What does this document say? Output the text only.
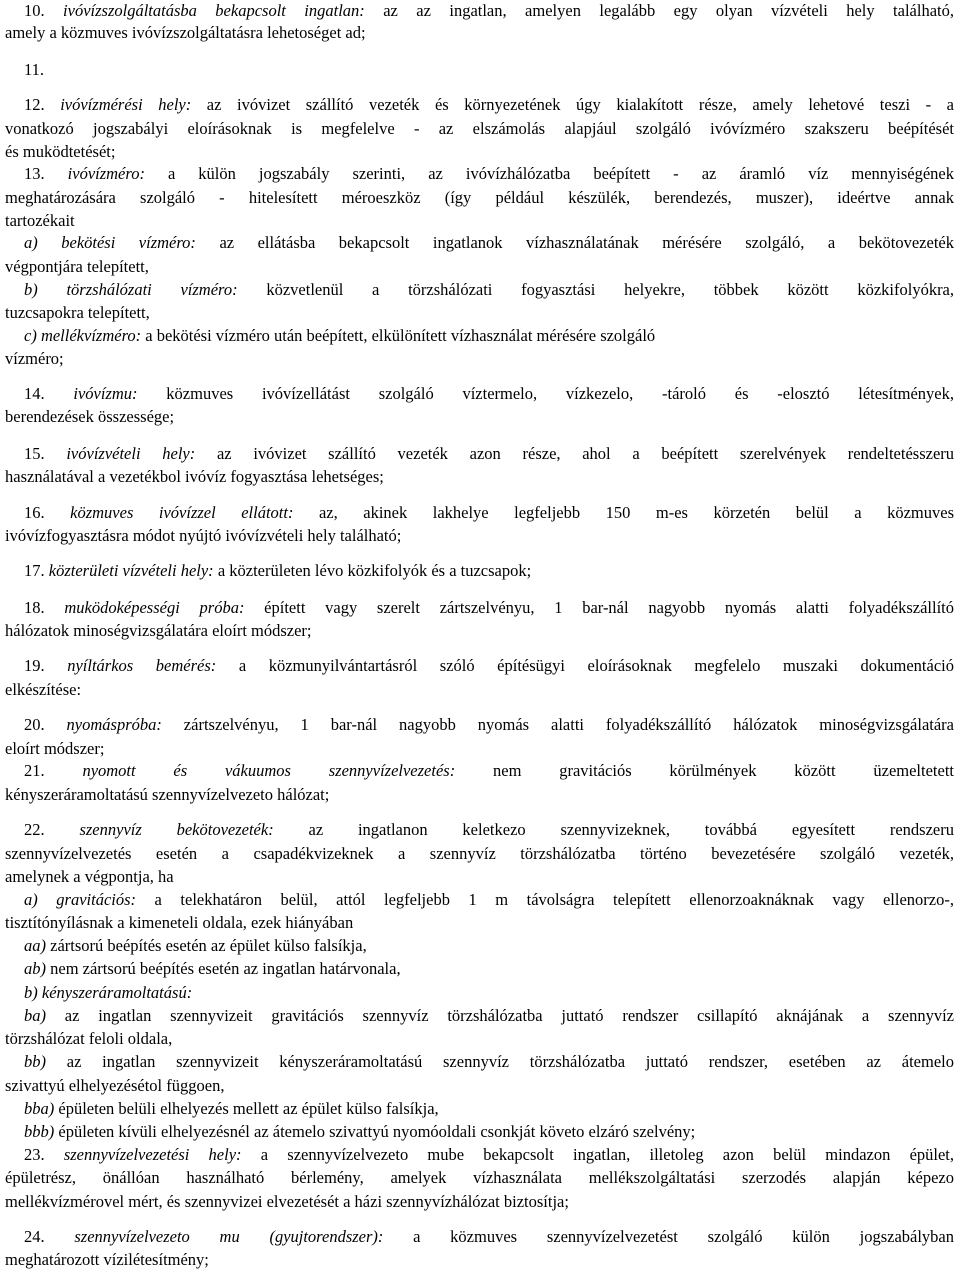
10. ivóvízszolgáltatásba bekapcsolt ingatlan: az az ingatlan, amelyen legalább egy olyan vízvételi hely található,
amely a közmuves ivóvízszolgáltatásra lehetoséget ad;
11.
12. ivóvízmérési hely: az ivóvizet szállító vezeték és környezetének úgy kialakított része, amely lehetové teszi - a
vonatkozó jogszabályi eloírásoknak is megfelelve - az elszámolás alapjául szolgáló ivóvízméro szakszeru beépítését
és muködtetését;
13. ivóvízméro: a külön jogszabály szerinti, az ivóvízhálózatba beépített - az áramló víz mennyiségének
meghatározására szolgáló - hitelesített méroeszköz (így például készülék, berendezés, muszer), ideértve annak
tartozékait
a) bekötési vízméro: az ellátásba bekapcsolt ingatlanok vízhasználatának mérésére szolgáló, a bekötovezeték
végpontjára telepített,
b) törzshálózati vízméro: közvetlenül a törzshálózati fogyasztási helyekre, többek között közkifolyókra,
tuzcsapokra telepített,
c) mellékvízméro: a bekötési vízméro után beépített, elkülönített vízhasználat mérésére szolgáló
vízméro;
14. ivóvízmu: közmuves ivóvízellátást szolgáló víztermelo, vízkezelo, -tároló és -elosztó létesítmények,
berendezések összessége;
15. ivóvízvételi hely: az ivóvizet szállító vezeték azon része, ahol a beépített szerelvények rendeltetésszeru
használatával a vezetékbol ivóvíz fogyasztása lehetséges;
16. közmuves ivóvízzel ellátott: az, akinek lakhelye legfeljebb 150 m-es körzetén belül a közmuves
ivóvízfogyasztásra módot nyújtó ivóvízvételi hely található;
17. közterületi vízvételi hely: a közterületen lévo közkifolyók és a tuzcsapok;
18. muködoképességi próba: épített vagy szerelt zártszelvényu, 1 bar-nál nagyobb nyomás alatti folyadékszállító
hálózatok minoségvizsgálatára eloírt módszer;
19. nyíltárkos bemérés: a közmunyilvántartásról szóló építésügyi eloírásoknak megfelelo muszaki dokumentáció
elkészítése:
20. nyomáspróba: zártszelvényu, 1 bar-nál nagyobb nyomás alatti folyadékszállító hálózatok minoségvizsgálatára
eloírt módszer;
21. nyomott és vákuumos szennyvízelvezetés: nem gravitációs körülmények között üzemeltetett
kényszeráramoltatású szennyvízelvezeto hálózat;
22. szennyvíz bekötovezeték: az ingatlanon keletkezo szennyvizeknek, továbbá egyesített rendszeru
szennyvízelvezetés esetén a csapadékvizeknek a szennyvíz törzshálózatba történo bevezetésére szolgáló vezeték,
amelynek a végpontja, ha
a) gravitációs: a telekhatáron belül, attól legfeljebb 1 m távolságra telepített ellenorzoaknáknak vagy ellenorzo-,
tisztítónyílásnak a kimeneteli oldala, ezek hiányában
aa) zártsorú beépítés esetén az épület külso falsíkja,
ab) nem zártsorú beépítés esetén az ingatlan határvonala,
b) kényszeráramoltatású:
ba) az ingatlan szennyvizeit gravitációs szennyvíz törzshálózatba juttató rendszer csillapító aknájának a szennyvíz
törzshálózat feloli oldala,
bb) az ingatlan szennyvizeit kényszeráramoltatású szennyvíz törzshálózatba juttató rendszer, esetében az átemelo
szivattyú elhelyezésétol függoen,
bba) épületen belüli elhelyezés mellett az épület külso falsíkja,
bbb) épületen kívüli elhelyezésnél az átemelo szivattyú nyomóoldali csonkját követo elzáró szelvény;
23. szennyvízelvezetési hely: a szennyvízelvezeto mube bekapcsolt ingatlan, illetoleg azon belül mindazon épület,
épületrész, önállóan használható bérlemény, amelyek vízhasználata mellékszolgáltatási szerzodés alapján képezo
mellékvízmérovel mért, és szennyvizei elvezetését a házi szennyvízhálózat biztosítja;
24. szennyvízelvezeto mu (gyujtorendszer): a közmuves szennyvízelvezetést szolgáló külön jogszabályban
meghatározott vízilétesítmény;
